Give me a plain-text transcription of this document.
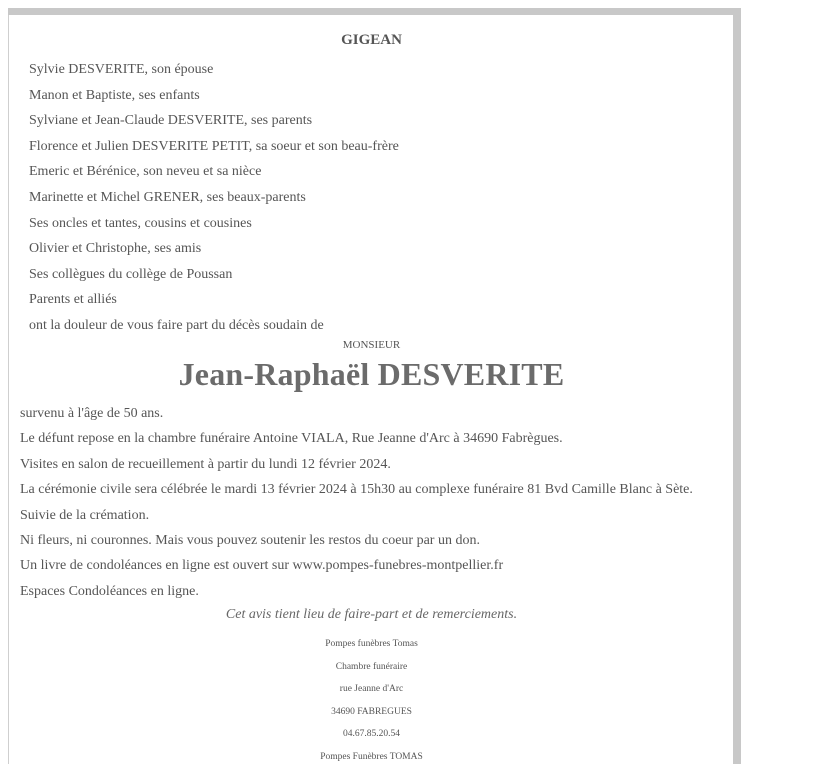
GIGEAN
Sylvie DESVERITE, son épouse
Manon et Baptiste, ses enfants
Sylviane et Jean-Claude DESVERITE, ses parents
Florence et Julien DESVERITE PETIT, sa soeur et son beau-frère
Emeric et Bérénice, son neveu et sa nièce
Marinette et Michel GRENER, ses beaux-parents
Ses oncles et tantes, cousins et cousines
Olivier et Christophe, ses amis
Ses collègues du collège de Poussan
Parents et alliés
ont la douleur de vous faire part du décès soudain de
MONSIEUR
Jean-Raphaël DESVERITE
survenu à l'âge de 50 ans.
Le défunt repose en la chambre funéraire Antoine VIALA, Rue Jeanne d'Arc à 34690 Fabrègues.
Visites en salon de recueillement à partir du lundi 12 février 2024.
La cérémonie civile sera célébrée le mardi 13 février 2024 à 15h30 au complexe funéraire 81 Bvd Camille Blanc à Sète.
Suivie de la crémation.
Ni fleurs, ni couronnes. Mais vous pouvez soutenir les restos du coeur par un don.
Un livre de condoléances en ligne est ouvert sur www.pompes-funebres-montpellier.fr
Espaces Condoléances en ligne.
Cet avis tient lieu de faire-part et de remerciements.
Pompes funèbres Tomas
Chambre funéraire
rue Jeanne d'Arc
34690 FABREGUES
04.67.85.20.54
Pompes Funèbres TOMAS
